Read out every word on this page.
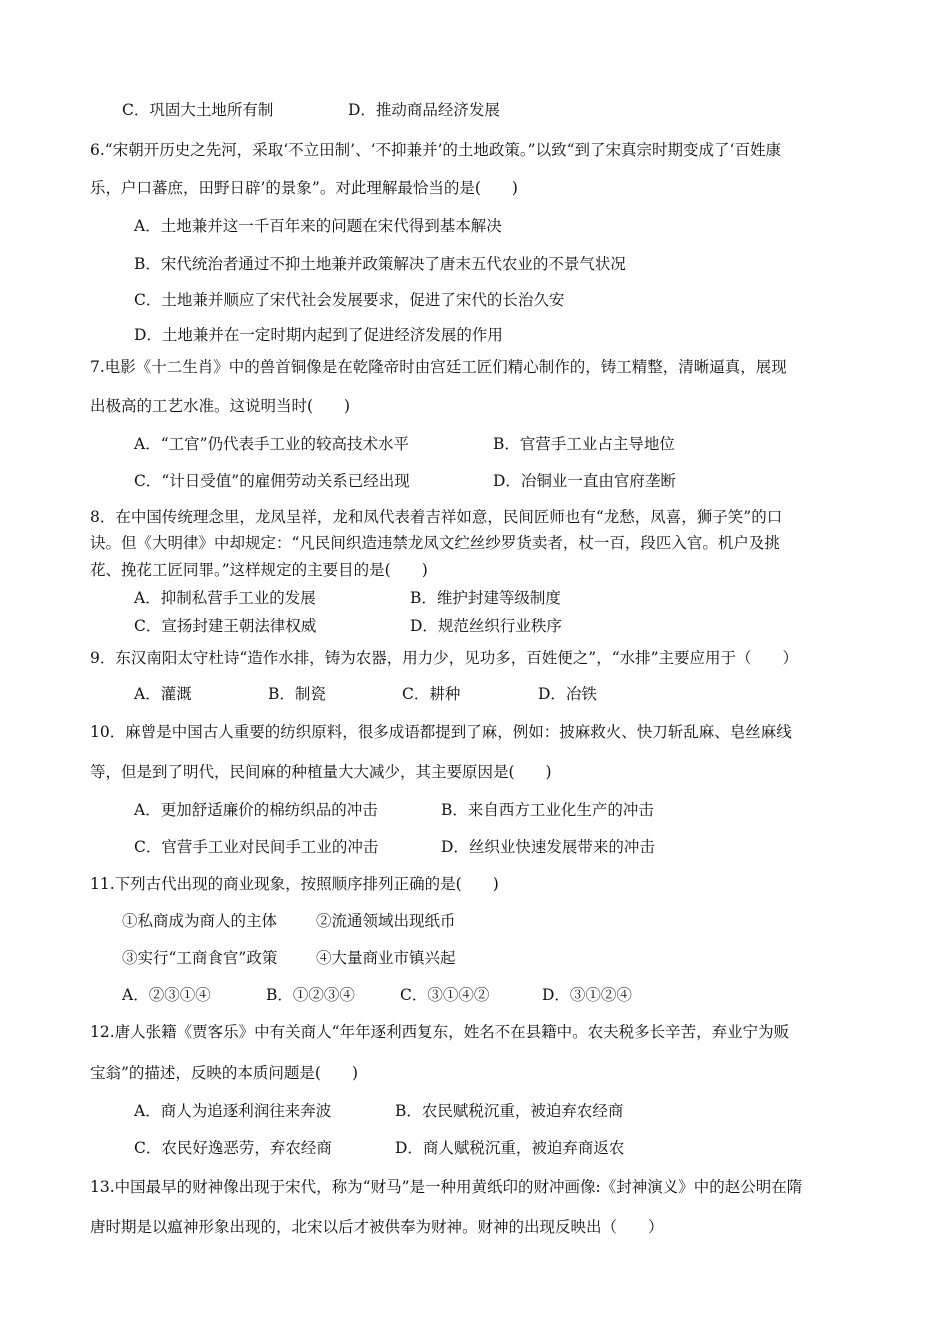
C．巩固大土地所有制	D．推动商品经济发展
6.“宋朝开历史之先河，采取‘不立田制’、‘不抑兼并’的土地政策。”以致“到了宋真宗时期变成了‘百姓康
乐，户口蕃庶，田野日辟’的景象”。对此理解最恰当的是(　　)
A．土地兼并这一千百年来的问题在宋代得到基本解决
B．宋代统治者通过不抑土地兼并政策解决了唐末五代农业的不景气状况
C．土地兼并顺应了宋代社会发展要求，促进了宋代的长治久安
D．土地兼并在一定时期内起到了促进经济发展的作用
7.电影《十二生肖》中的兽首铜像是在乾隆帝时由宫廷工匠们精心制作的，铸工精整，清晰逼真，展现
出极高的工艺水准。这说明当时(　　)
A．“工官”仍代表手工业的较高技术水平	B．官营手工业占主导地位
C．“计日受值”的雇佣劳动关系已经出现	D．冶铜业一直由官府垄断
8．在中国传统理念里，龙凤呈祥，龙和凤代表着吉祥如意，民间匠师也有“龙愁，凤喜，狮子笑”的口
诀。但《大明律》中却规定：“凡民间织造违禁龙凤文纻丝纱罗货卖者，杖一百，段匹入官。机户及挑
花、挽花工匠同罪。”这样规定的主要目的是(　　)
A．抑制私营手工业的发展	B．维护封建等级制度
C．宣扬封建王朝法律权威	D．规范丝织行业秩序
9．东汉南阳太守杜诗“造作水排，铸为农器，用力少，见功多，百姓便之”，“水排”主要应用于（　　）
A．灌溉	B．制瓷	C．耕种	D．冶铁
10．麻曾是中国古人重要的纺织原料，很多成语都提到了麻，例如：披麻救火、快刀斩乱麻、皂丝麻线
等，但是到了明代，民间麻的种植量大大减少，其主要原因是(　　)
A．更加舒适廉价的棉纺织品的冲击	B．来自西方工业化生产的冲击
C．官营手工业对民间手工业的冲击	D．丝织业快速发展带来的冲击
11.下列古代出现的商业现象，按照顺序排列正确的是(　　)
①私商成为商人的主体	②流通领域出现纸币
③实行“工商食官”政策 ④大量商业市镇兴起
A．②③①④	B．①②③④	C．③①④②	D．③①②④
12.唐人张籍《贾客乐》中有关商人“年年逐利西复东，姓名不在县籍中。农夫税多长辛苦，弃业宁为贩
宝翁”的描述，反映的本质问题是(　　)
A．商人为追逐利润往来奔波	B．农民赋税沉重，被迫弃农经商
C．农民好逸恶劳，弃农经商	D．商人赋税沉重，被迫弃商返农
13.中国最早的财神像出现于宋代，称为“财马”是一种用黄纸印的财冲画像:《封神演义》中的赵公明在隋
唐时期是以瘟神形象出现的，北宋以后才被供奉为财神。财神的出现反映出（　　）
